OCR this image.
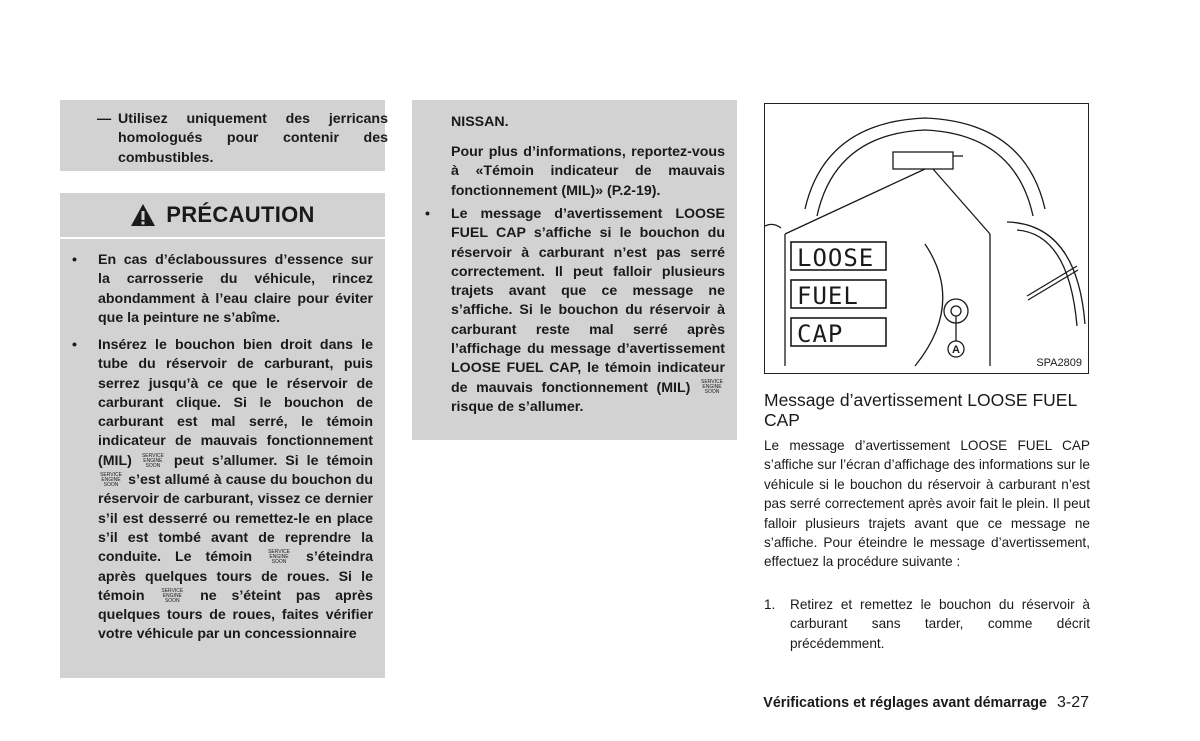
— Utilisez uniquement des jerricans homologués pour contenir des combustibles.
PRÉCAUTION
• En cas d’éclaboussures d’essence sur la carrosserie du véhicule, rincez abondamment à l’eau claire pour éviter que la peinture ne s’abîme.
• Insérez le bouchon bien droit dans le tube du réservoir de carburant, puis serrez jusqu’à ce que le réservoir de carburant clique. Si le bouchon de carburant est mal serré, le témoin indicateur de mauvais fonctionnement (MIL) SERVICE
ENGINE
SOON peut s’allumer. Si le témoin SERVICE
ENGINE
SOON s’est allumé à cause du bouchon du réservoir de carburant, vissez ce dernier s’il est desserré ou remettez-le en place s’il est tombé avant de reprendre la conduite. Le témoin	SERVICE
ENGINE
SOON s’éteindra après quelques tours de roues. Si le témoin	SERVICE
ENGINE
SOON ne s’éteint pas après quelques tours de roues, faites vérifier votre véhicule par un concessionnaire
NISSAN.
Pour plus d’informations, reportez-vous à «Témoin indicateur de mauvais fonctionnement (MIL)» (P.2-19).
• Le message d’avertissement LOOSE FUEL CAP s’affiche si le bouchon du réservoir à carburant n’est pas serré correctement. Il peut falloir plusieurs trajets avant que ce message ne s’affiche. Si le bouchon du réservoir à carburant reste mal serré après l’affichage du message d’avertissement LOOSE FUEL CAP, le témoin indicateur de mauvais fonctionnement (MIL) SERVICE
ENGINE
SOON risque de s’allumer.
LOOSE
FUEL
CAP
A
SPA2809
Message d’avertissement LOOSE FUEL CAP
Le message d’avertissement LOOSE FUEL CAP s’affiche sur l’écran d’affichage des informations sur le véhicule si le bouchon du réservoir à carburant n’est pas serré correctement après avoir fait le plein. Il peut falloir plusieurs trajets avant que ce message ne s’affiche. Pour éteindre le message d’avertissement, effectuez la procédure suivante :
1. Retirez et remettez le bouchon du réservoir à carburant sans tarder, comme décrit précédemment.
Vérifications et réglages avant démarrage 3-27
